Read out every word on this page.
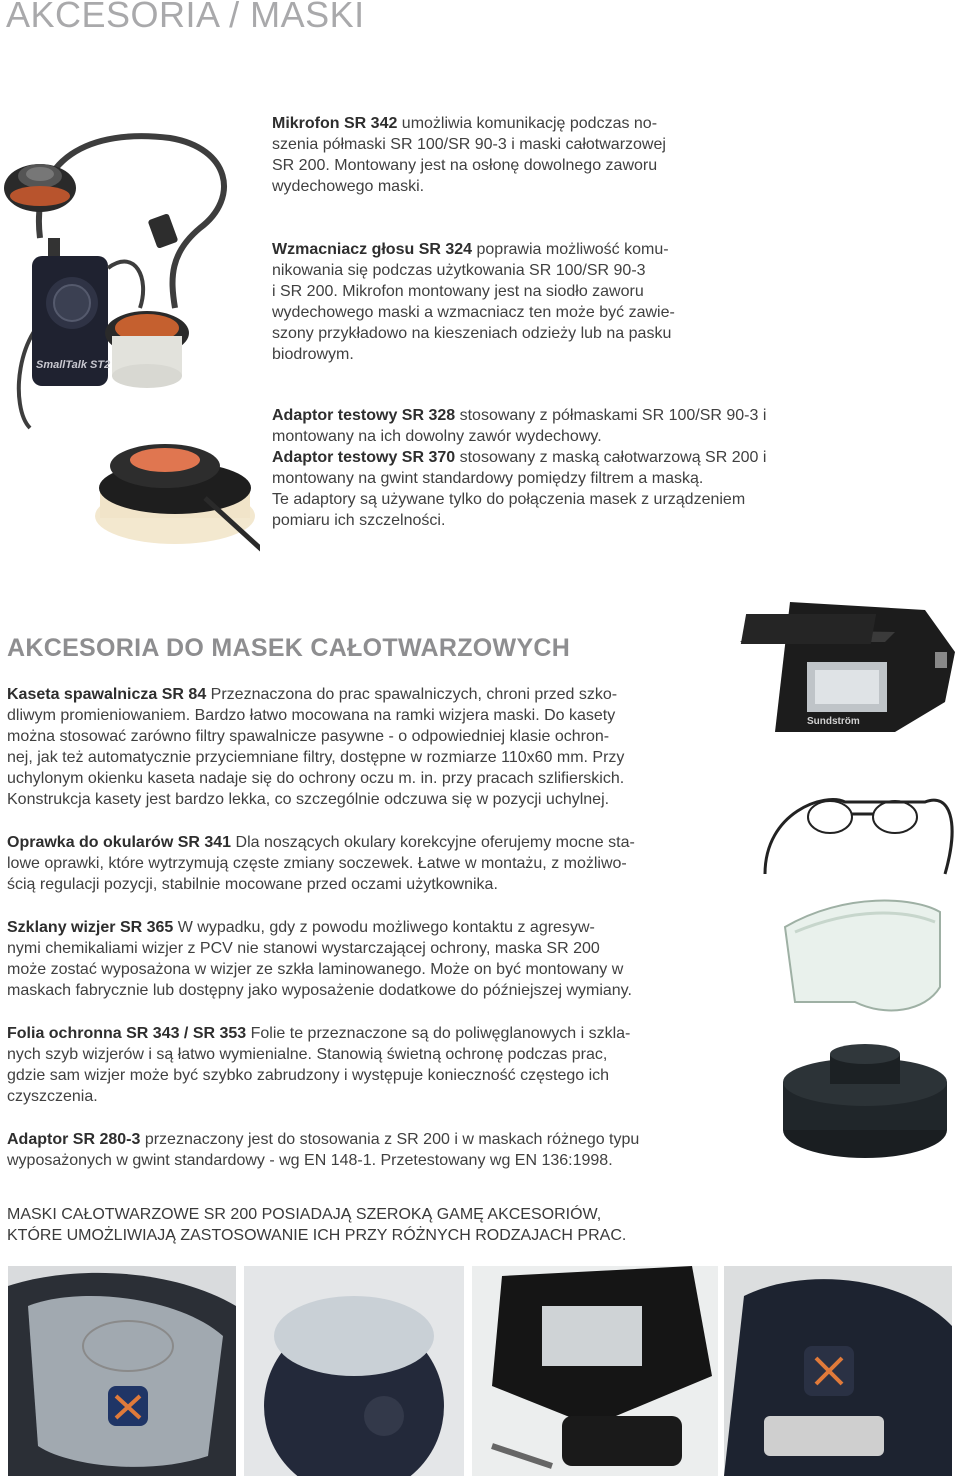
AKCESORIA / MASKI
SmallTalk ST2
Mikrofon SR 342 umożliwia komunikację podczas no-
szenia półmaski SR 100/SR 90-3 i maski całotwarzowej
SR 200. Montowany jest na osłonę dowolnego zaworu
wydechowego maski.
Wzmacniacz głosu SR 324 poprawia możliwość komu-
nikowania się podczas użytkowania SR 100/SR 90-3
i SR 200. Mikrofon montowany jest na siodło zaworu
wydechowego maski a wzmacniacz ten może być zawie-
szony przykładowo na kieszeniach odzieży lub na pasku
biodrowym.
Adaptor testowy SR 328 stosowany z półmaskami SR 100/SR 90-3 i
montowany na ich dowolny zawór wydechowy.
Adaptor testowy SR 370 stosowany z maską całotwarzową SR 200 i
montowany na gwint standardowy pomiędzy filtrem a maską.
Te adaptory są używane tylko do połączenia masek z urządzeniem
pomiaru ich szczelności.
AKCESORIA DO MASEK CAŁOTWARZOWYCH
Sundström
Kaseta spawalnicza SR 84 Przeznaczona do prac spawalniczych, chroni przed szko-
dliwym promieniowaniem. Bardzo łatwo mocowana na ramki wizjera maski. Do kasety
można stosować zarówno filtry spawalnicze pasywne - o odpowiedniej klasie ochron-
nej, jak też automatycznie przyciemniane filtry, dostępne w rozmiarze 110x60 mm. Przy
uchylonym okienku kaseta nadaje się do ochrony oczu m. in. przy pracach szlifierskich.
Konstrukcja kasety jest bardzo lekka, co szczególnie odczuwa się w pozycji uchylnej.
Oprawka do okularów SR 341 Dla noszących okulary korekcyjne oferujemy mocne sta-
lowe oprawki, które wytrzymują częste zmiany soczewek. Łatwe w montażu, z możliwo-
ścią regulacji pozycji, stabilnie mocowane przed oczami użytkownika.
Szklany wizjer SR 365 W wypadku, gdy z powodu możliwego kontaktu z agresyw-
nymi chemikaliami wizjer z PCV nie stanowi wystarczającej ochrony, maska SR 200
może zostać wyposażona w wizjer ze szkła laminowanego. Może on być montowany w
maskach fabrycznie lub dostępny jako wyposażenie dodatkowe do późniejszej wymiany.
Folia ochronna SR 343 / SR 353 Folie te przeznaczone są do poliwęglanowych i szkla-
nych szyb wizjerów i są łatwo wymienialne. Stanowią świetną ochronę podczas prac,
gdzie sam wizjer może być szybko zabrudzony i występuje konieczność częstego ich
czyszczenia.
Adaptor SR 280-3 przeznaczony jest do stosowania z SR 200 i w maskach różnego typu
wyposażonych w gwint standardowy - wg EN 148-1. Przetestowany wg EN 136:1998.
MASKI CAŁOTWARZOWE SR 200 POSIADAJĄ SZEROKĄ GAMĘ AKCESORIÓW,
KTÓRE UMOŻLIWIAJĄ ZASTOSOWANIE ICH PRZY RÓŻNYCH RODZAJACH PRAC.
